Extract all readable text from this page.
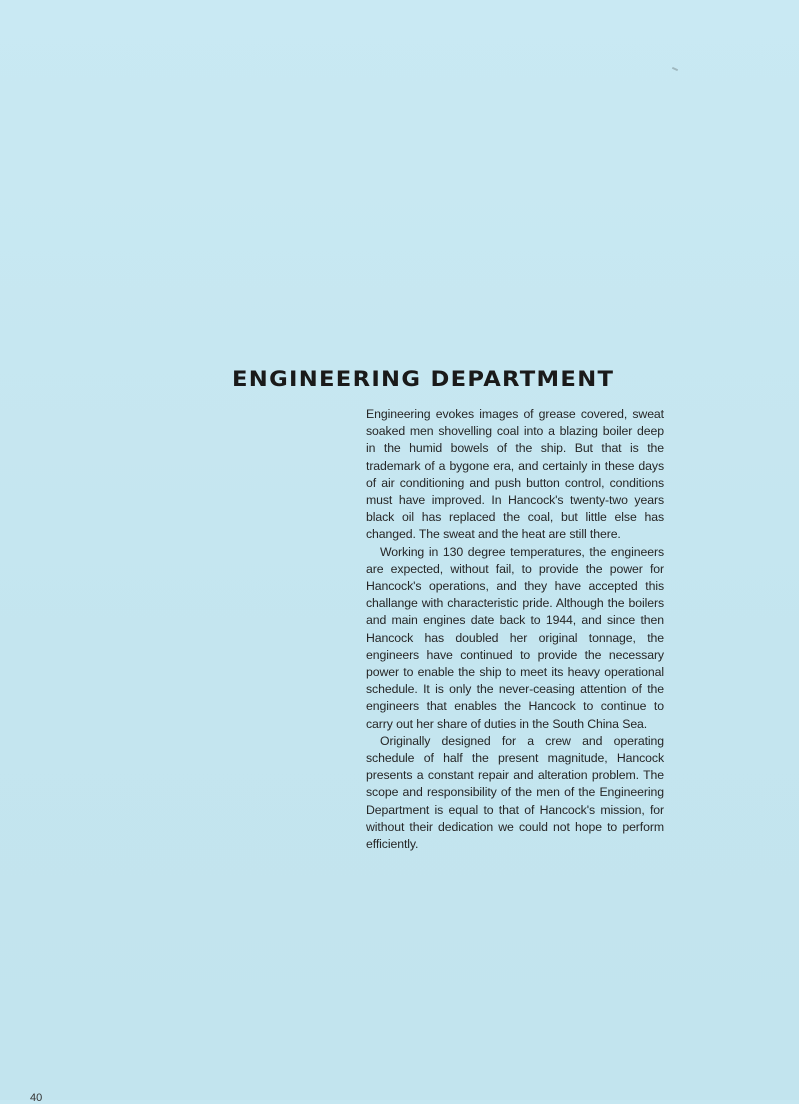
ENGINEERING DEPARTMENT

Engineering evokes images of grease covered, sweat soaked men shovelling coal into a blazing boiler deep in the humid bowels of the ship. But that is the trademark of a bygone era, and certainly in these days of air conditioning and push button control, conditions must have improved. In Hancock's twenty-two years black oil has replaced the coal, but little else has changed. The sweat and the heat are still there.

Working in 130 degree temperatures, the engineers are expected, without fail, to provide the power for Hancock's operations, and they have accepted this challange with characteristic pride. Although the boilers and main engines date back to 1944, and since then Hancock has doubled her original tonnage, the engineers have continued to provide the necessary power to enable the ship to meet its heavy operational schedule. It is only the never-ceasing attention of the engineers that enables the Hancock to continue to carry out her share of duties in the South China Sea.

Originally designed for a crew and operating schedule of half the present magnitude, Hancock presents a constant repair and alteration problem. The scope and responsibility of the men of the Engineering Department is equal to that of Hancock's mission, for without their dedication we could not hope to perform efficiently.

40
